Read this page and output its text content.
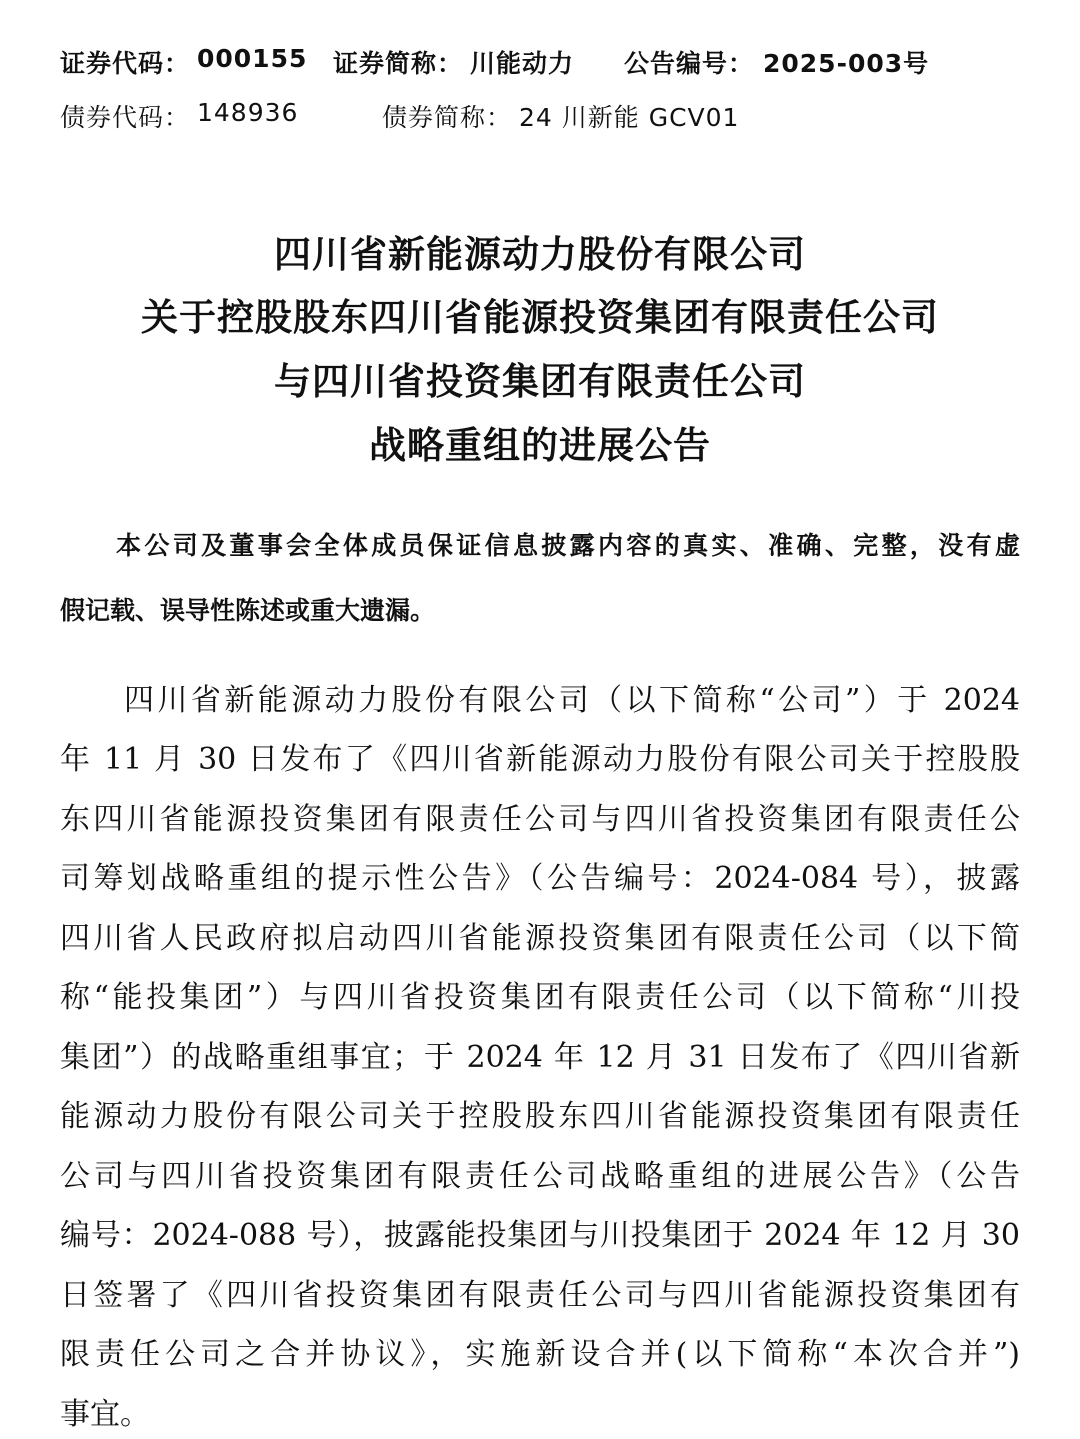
证券代码： 000155 证券简称： 川能动力 公告编号： 2025-003号
债券代码： 148936	债券简称： 24 川新能 GCV01
四川省新能源动力股份有限公司
关于控股股东四川省能源投资集团有限责任公司
与四川省投资集团有限责任公司
战略重组的进展公告
本公司及董事会全体成员保证信息披露内容的真实、准确、完整，没有虚
假记载、误导性陈述或重大遗漏。
四川省新能源动力股份有限公司（以下简称“公司”）于 2024
年 11 月 30 日发布了《四川省新能源动力股份有限公司关于控股股
东四川省能源投资集团有限责任公司与四川省投资集团有限责任公
司筹划战略重组的提示性公告》（公告编号：2024-084 号），披露
四川省人民政府拟启动四川省能源投资集团有限责任公司（以下简
称“能投集团”）与四川省投资集团有限责任公司（以下简称“川投
集团”）的战略重组事宜；于 2024 年 12 月 31 日发布了《四川省新
能源动力股份有限公司关于控股股东四川省能源投资集团有限责任
公司与四川省投资集团有限责任公司战略重组的进展公告》（公告
编号：2024-088 号），披露能投集团与川投集团于 2024 年 12 月 30
日签署了《四川省投资集团有限责任公司与四川省能源投资集团有
限责任公司之合并协议》，实施新设合并(以下简称“本次合并”)
事宜。
